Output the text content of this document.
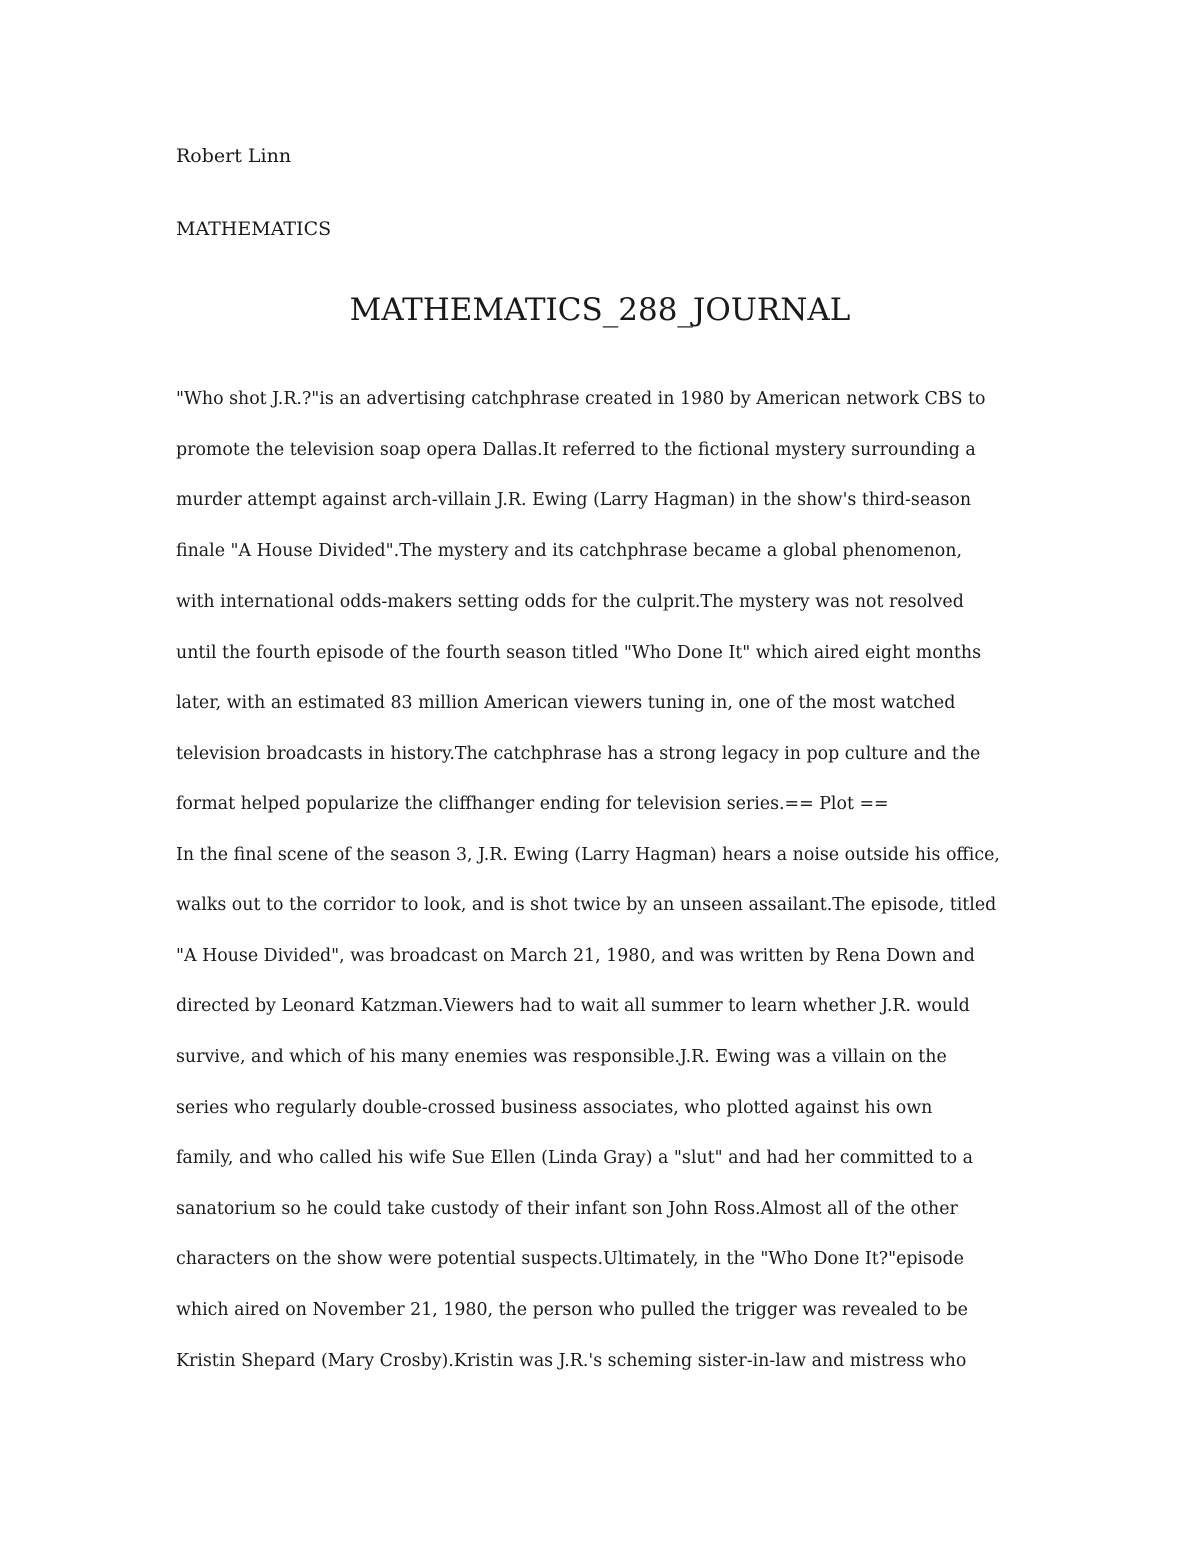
Robert Linn
MATHEMATICS
MATHEMATICS_288_JOURNAL
"Who shot J.R.?"is an advertising catchphrase created in 1980 by American network CBS to
promote the television soap opera Dallas.It referred to the fictional mystery surrounding a
murder attempt against arch-villain J.R. Ewing (Larry Hagman) in the show's third-season
finale "A House Divided".The mystery and its catchphrase became a global phenomenon,
with international odds-makers setting odds for the culprit.The mystery was not resolved
until the fourth episode of the fourth season titled "Who Done It" which aired eight months
later, with an estimated 83 million American viewers tuning in, one of the most watched
television broadcasts in history.The catchphrase has a strong legacy in pop culture and the
format helped popularize the cliffhanger ending for television series.== Plot ==
In the final scene of the season 3, J.R. Ewing (Larry Hagman) hears a noise outside his office,
walks out to the corridor to look, and is shot twice by an unseen assailant.The episode, titled
"A House Divided", was broadcast on March 21, 1980, and was written by Rena Down and
directed by Leonard Katzman.Viewers had to wait all summer to learn whether J.R. would
survive, and which of his many enemies was responsible.J.R. Ewing was a villain on the
series who regularly double-crossed business associates, who plotted against his own
family, and who called his wife Sue Ellen (Linda Gray) a "slut" and had her committed to a
sanatorium so he could take custody of their infant son John Ross.Almost all of the other
characters on the show were potential suspects.Ultimately, in the "Who Done It?"episode
which aired on November 21, 1980, the person who pulled the trigger was revealed to be
Kristin Shepard (Mary Crosby).Kristin was J.R.'s scheming sister-in-law and mistress who
